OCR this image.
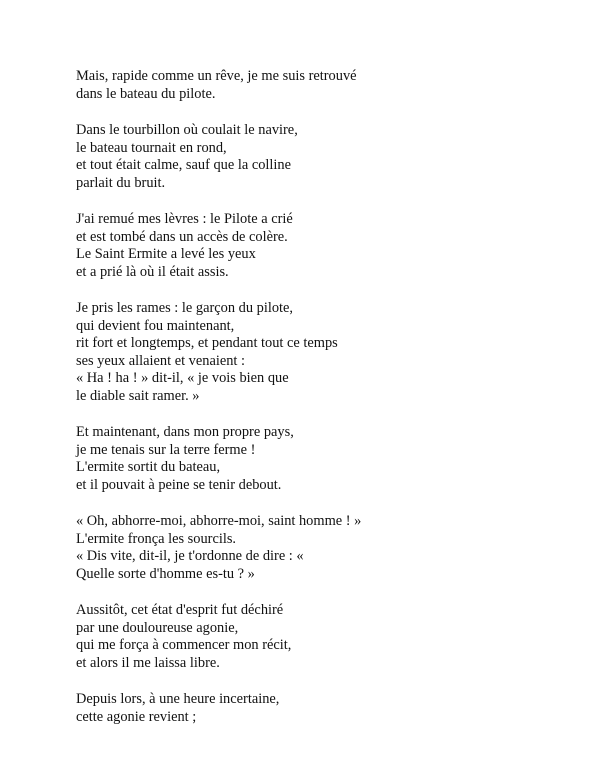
Mais, rapide comme un rêve, je me suis retrouvé
dans le bateau du pilote.
Dans le tourbillon où coulait le navire,
le bateau tournait en rond,
et tout était calme, sauf que la colline
parlait du bruit.
J'ai remué mes lèvres : le Pilote a crié
et est tombé dans un accès de colère.
Le Saint Ermite a levé les yeux
et a prié là où il était assis.
Je pris les rames : le garçon du pilote,
qui devient fou maintenant,
rit fort et longtemps, et pendant tout ce temps
ses yeux allaient et venaient :
« Ha ! ha ! » dit-il, « je vois bien que
le diable sait ramer. »
Et maintenant, dans mon propre pays,
je me tenais sur la terre ferme !
L'ermite sortit du bateau,
et il pouvait à peine se tenir debout.
« Oh, abhorre-moi, abhorre-moi, saint homme ! »
L'ermite fronça les sourcils.
« Dis vite, dit-il, je t'ordonne de dire : «
Quelle sorte d'homme es-tu ? »
Aussitôt, cet état d'esprit fut déchiré
par une douloureuse agonie,
qui me força à commencer mon récit,
et alors il me laissa libre.
Depuis lors, à une heure incertaine,
cette agonie revient ;
